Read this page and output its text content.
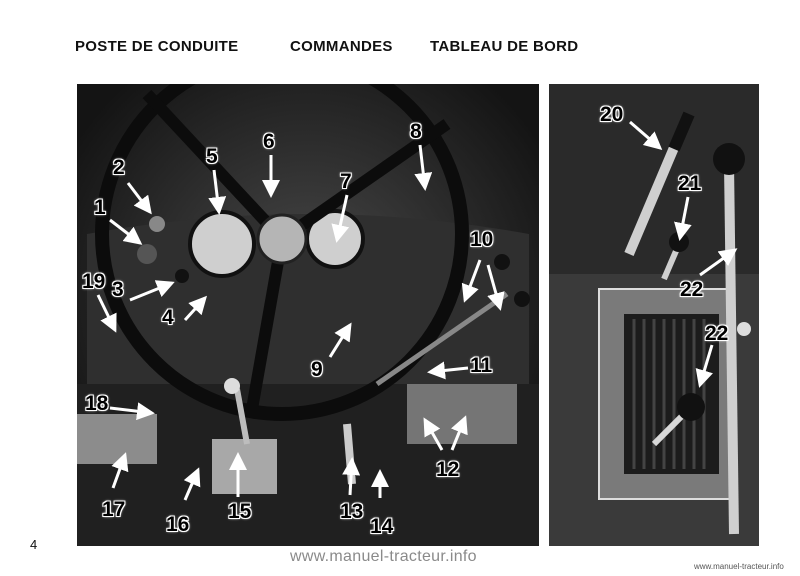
POSTE DE CONDUITE	COMMANDES TABLEAU DE BORD
1
2
3
4
5
6
7
8
9
10
11
12
13
14
15
16
17
18
19
20
21
22
22
4
www.manuel-tracteur.info
www.manuel-tracteur.info
